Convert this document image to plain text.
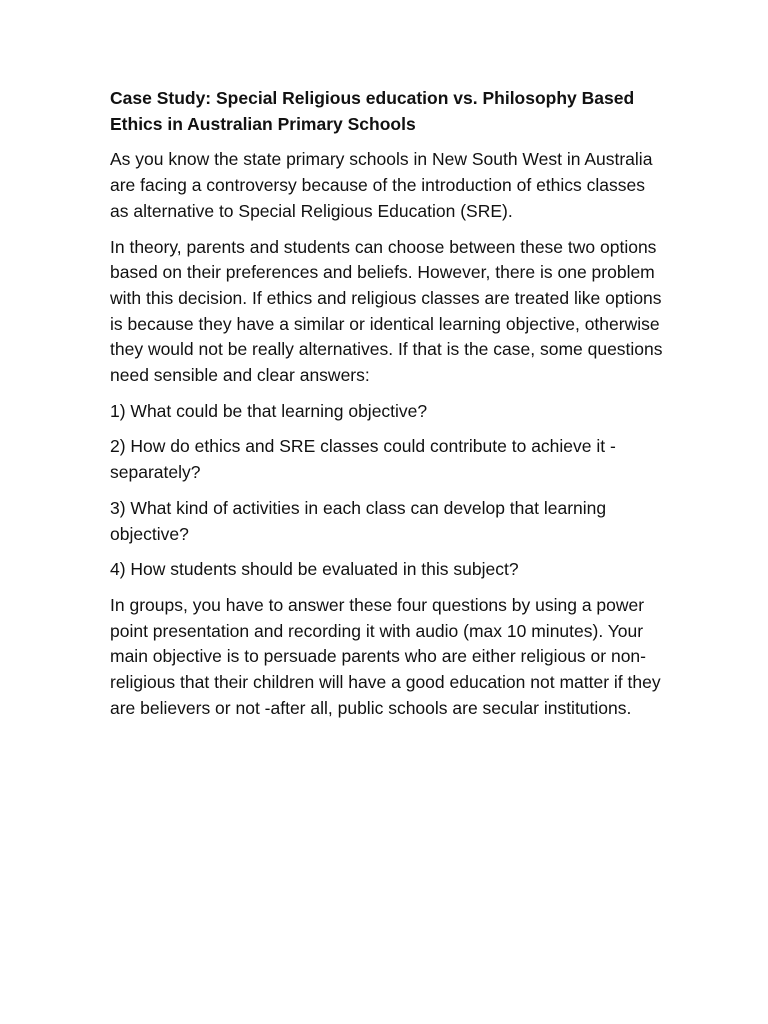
Case Study: Special Religious education vs. Philosophy Based Ethics in Australian Primary Schools

As you know the state primary schools in New South West in Australia are facing a controversy because of the introduction of ethics classes as alternative to Special Religious Education (SRE).

In theory, parents and students can choose between these two options based on their preferences and beliefs. However, there is one problem with this decision. If ethics and religious classes are treated like options is because they have a similar or identical learning objective, otherwise they would not be really alternatives. If that is the case, some questions need sensible and clear answers:

1) What could be that learning objective?

2) How do ethics and SRE classes could contribute to achieve it - separately?

3) What kind of activities in each class can develop that learning objective?

4) How students should be evaluated in this subject?

In groups, you have to answer these four questions by using a power point presentation and recording it with audio (max 10 minutes). Your main objective is to persuade parents who are either religious or non-religious that their children will have a good education not matter if they are believers or not -after all, public schools are secular institutions.
